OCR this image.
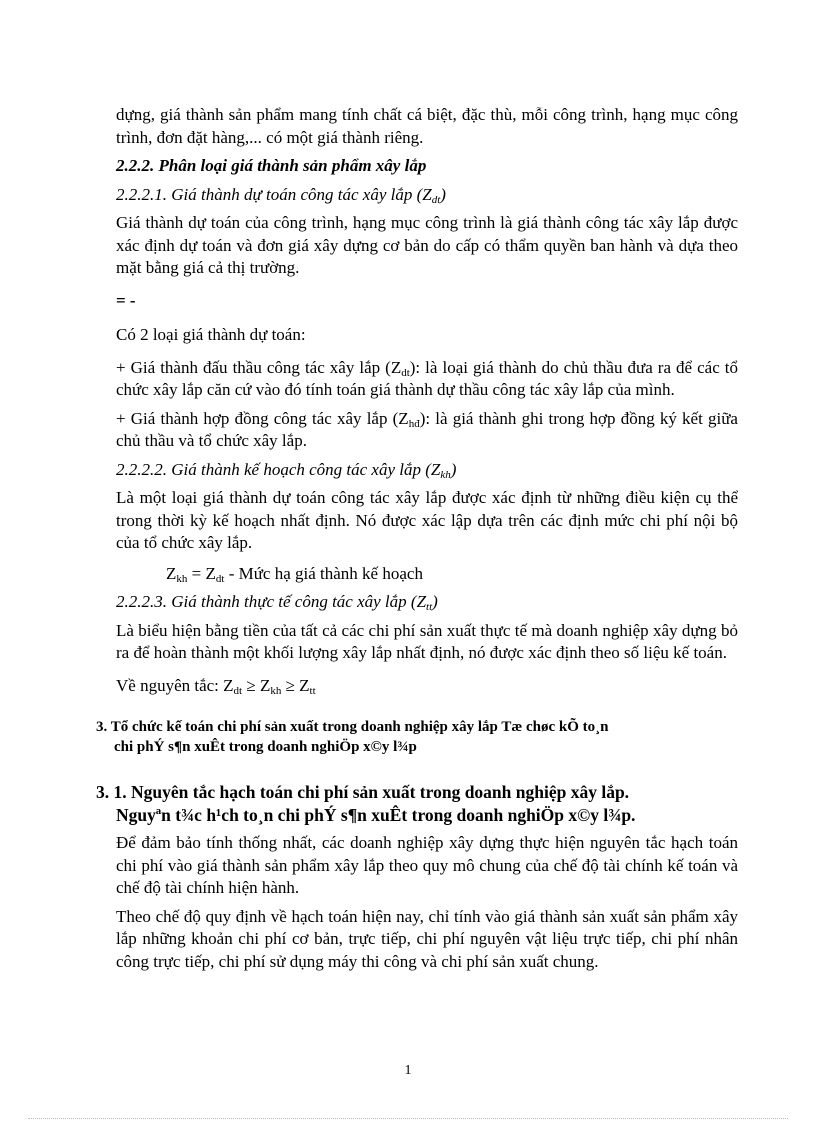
dựng, giá thành sản phẩm mang tính chất cá biệt, đặc thù, mỗi công trình, hạng mục công trình, đơn đặt hàng,... có một giá thành riêng.

2.2.2. Phân loại giá thành sản phẩm xây lắp

2.2.2.1. Giá thành dự toán công tác xây lắp $(Z_{dt})$

Giá thành dự toán của công trình, hạng mục công trình là giá thành công tác xây lắp được xác định dự toán và đơn giá xây dựng cơ bản do cấp có thẩm quyền ban hành và dựa theo mặt bằng giá cả thị trường.

= -

Có 2 loại giá thành dự toán:

+ Giá thành đấu thầu công tác xây lắp $(Z_{dt})$: là loại giá thành do chủ thầu đưa ra để các tổ chức xây lắp căn cứ vào đó tính toán giá thành dự thầu công tác xây lắp của mình.

+ Giá thành hợp đồng công tác xây lắp $(Z_{hđ})$: là giá thành ghi trong hợp đồng ký kết giữa chủ thầu và tổ chức xây lắp.

2.2.2.2. Giá thành kế hoạch công tác xây lắp $(Z_{kh})$

Là một loại giá thành dự toán công tác xây lắp được xác định từ những điều kiện cụ thể trong thời kỳ kế hoạch nhất định. Nó được xác lập dựa trên các định mức chi phí nội bộ của tổ chức xây lắp.

$Z_{kh} = Z_{dt}$ - Mức hạ giá thành kế hoạch

2.2.2.3. Giá thành thực tế công tác xây lắp $(Z_{tt})$

Là biểu hiện bằng tiền của tất cả các chi phí sản xuất thực tế mà doanh nghiệp xây dựng bỏ ra để hoàn thành một khối lượng xây lắp nhất định, nó được xác định theo số liệu kế toán.

Về nguyên tắc: $Z_{dt} \ge Z_{kh} \ge Z_{tt}$

3. Tổ chức kế toán chi phí sản xuất trong doanh nghiệp xây lắp Tæ chøc kÕ to¸n
chi phÝ s¶n xuÊt trong doanh nghiÖp x©y l¾p

3. 1. Nguyên tắc hạch toán chi phí sản xuất trong doanh nghiệp xây lắp.
Nguyªn t¾c h¹ch to¸n chi phÝ s¶n xuÊt trong doanh nghiÖp x©y l¾p.

Để đảm bảo tính thống nhất, các doanh nghiệp xây dựng thực hiện nguyên tắc hạch toán chi phí vào giá thành sản phẩm xây lắp theo quy mô chung của chế độ tài chính kế toán và chế độ tài chính hiện hành.

Theo chế độ quy định về hạch toán hiện nay, chỉ tính vào giá thành sản xuất sản phẩm xây lắp những khoản chi phí cơ bản, trực tiếp, chi phí nguyên vật liệu trực tiếp, chi phí nhân công trực tiếp, chi phí sử dụng máy thi công và chi phí sản xuất chung.

1
